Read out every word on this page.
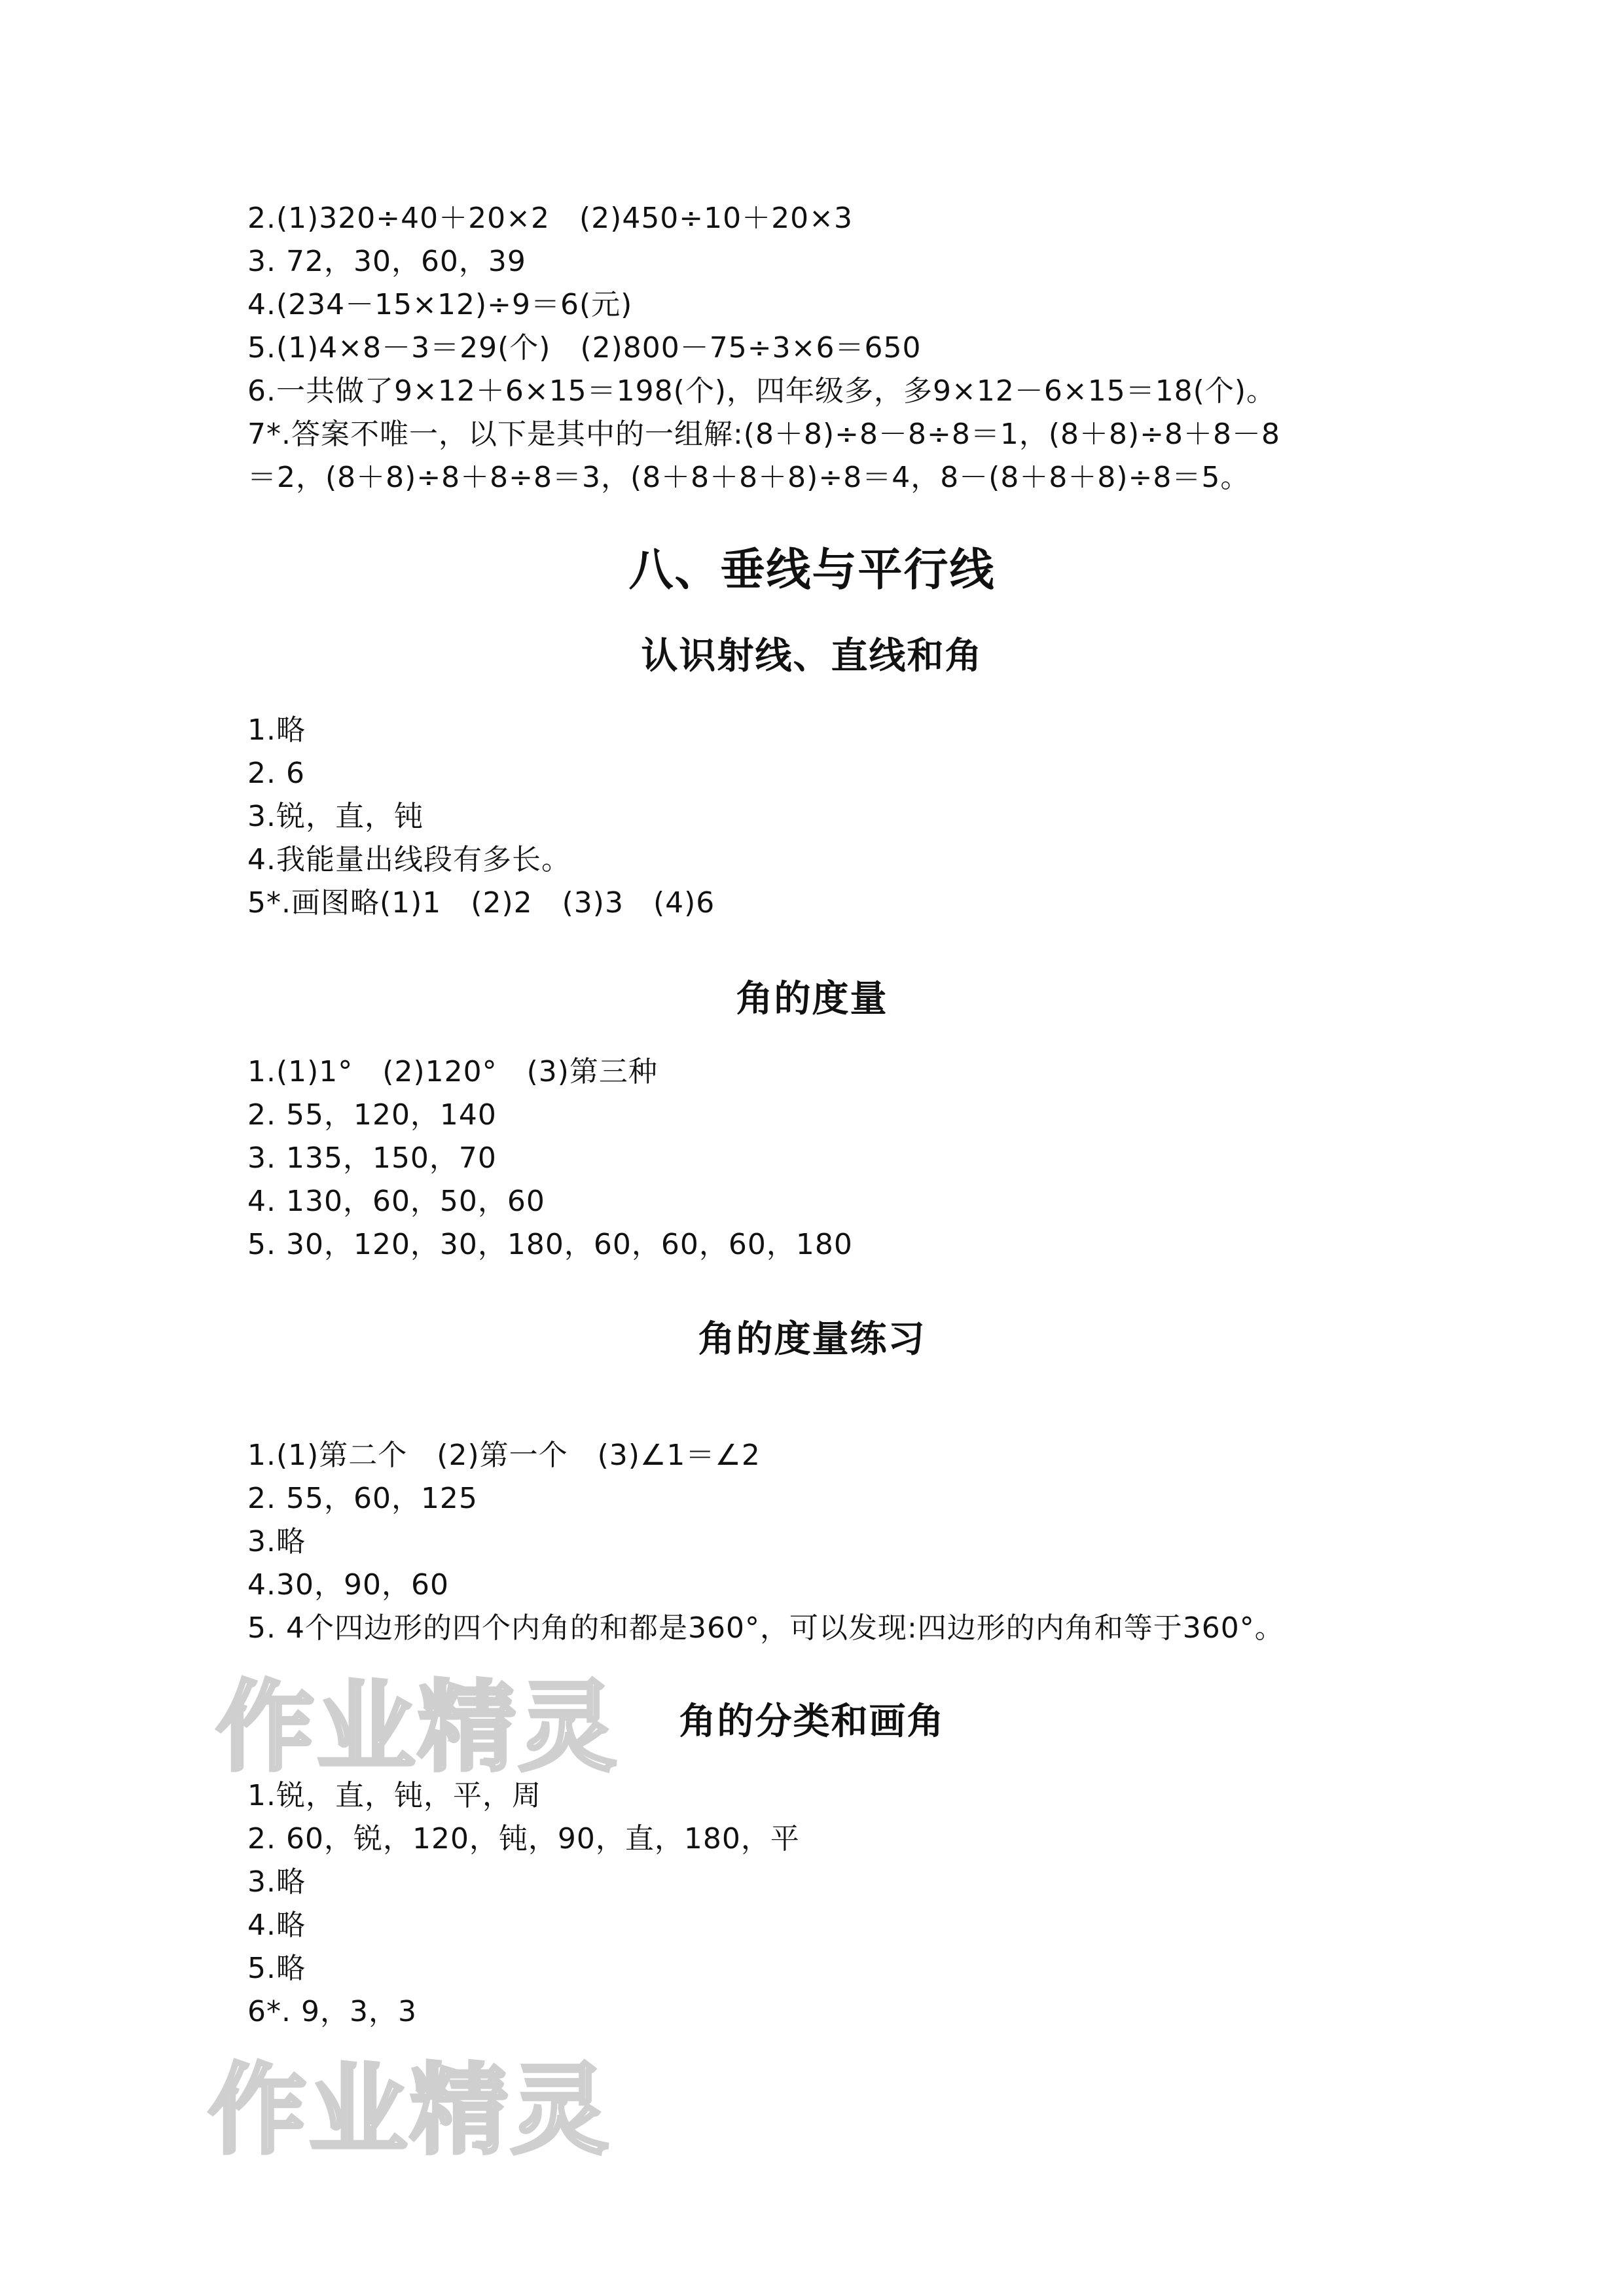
2.(1)320÷40＋20×2　(2)450÷10＋20×3
3. 72，30，60，39
4.(234－15×12)÷9＝6(元)
5.(1)4×8－3＝29(个)　(2)800－75÷3×6＝650
6.一共做了9×12＋6×15＝198(个)，四年级多，多9×12－6×15＝18(个)。
7*.答案不唯一，以下是其中的一组解:(8＋8)÷8－8÷8＝1，(8＋8)÷8＋8－8
＝2，(8＋8)÷8＋8÷8＝3，(8＋8＋8＋8)÷8＝4，8－(8＋8＋8)÷8＝5。
八、垂线与平行线
认识射线、直线和角
1.略
2. 6
3.锐，直，钝
4.我能量出线段有多长。
5*.画图略(1)1　(2)2　(3)3　(4)6
角的度量
1.(1)1°　(2)120°　(3)第三种
2. 55，120，140
3. 135，150，70
4. 130，60，50，60
5. 30，120，30，180，60，60，60，180
角的度量练习
1.(1)第二个　(2)第一个　(3)∠1＝∠2
2. 55，60，125
3.略
4.30，90，60
5. 4个四边形的四个内角的和都是360°，可以发现:四边形的内角和等于360°。
作业精灵	角的分类和画角
1.锐，直，钝，平，周
2. 60，锐，120，钝，90，直，180，平
3.略
4.略
5.略
6*. 9，3，3
作业精灵
